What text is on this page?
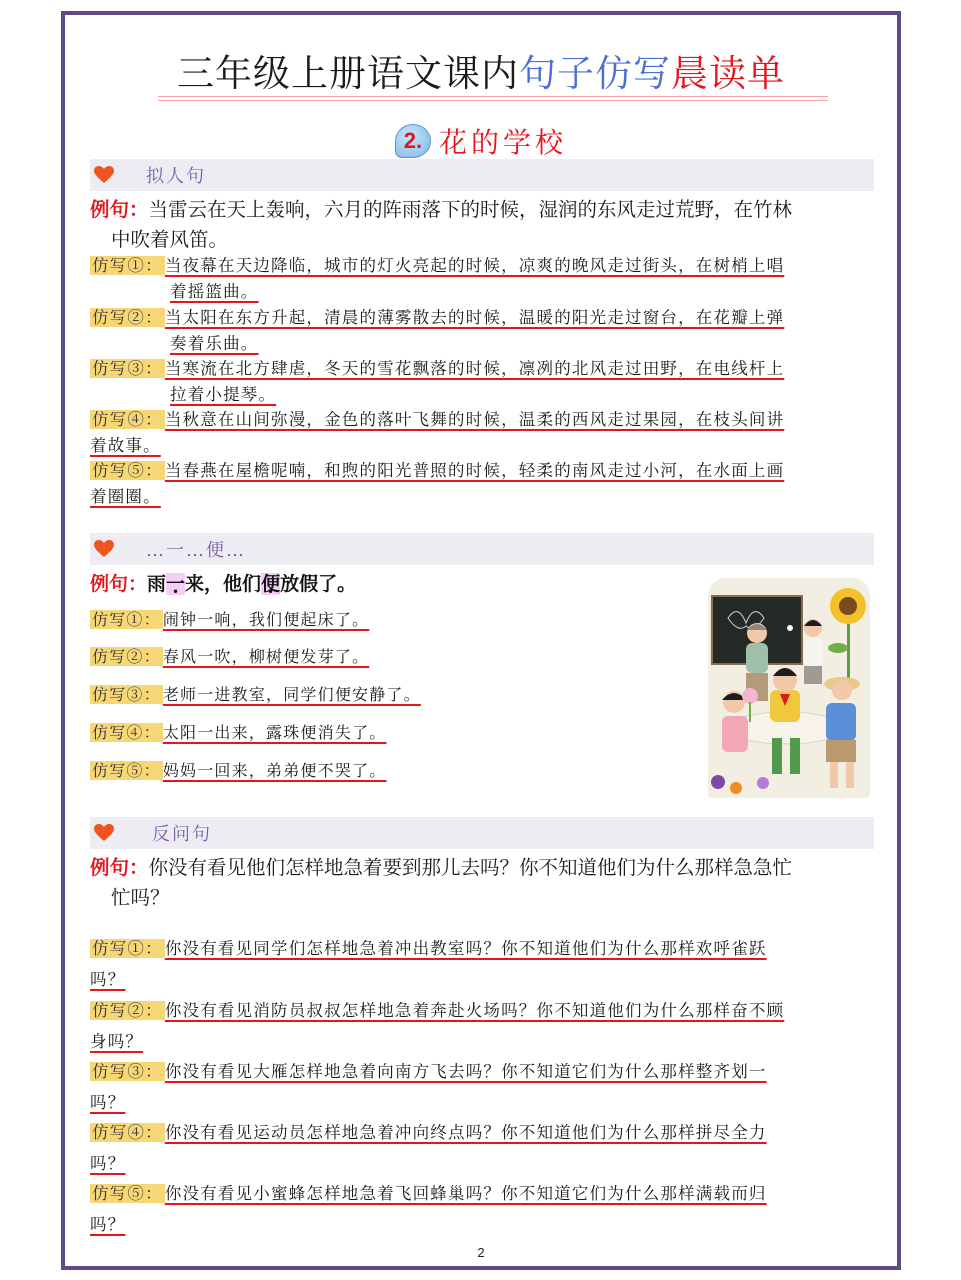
三年级上册语文课内句子仿写晨读单
2. 花的学校
拟人句
例句：当雷云在天上轰响，六月的阵雨落下的时候，湿润的东风走过荒野，在竹林
中吹着风笛。
仿写①： 当夜幕在天边降临，城市的灯火亮起的时候，凉爽的晚风走过街头，在树梢上唱
着摇篮曲。
仿写②： 当太阳在东方升起，清晨的薄雾散去的时候，温暖的阳光走过窗台，在花瓣上弹
奏着乐曲。
仿写③： 当寒流在北方肆虐，冬天的雪花飘落的时候，凛冽的北风走过田野，在电线杆上
拉着小提琴。
仿写④： 当秋意在山间弥漫，金色的落叶飞舞的时候，温柔的西风走过果园，在枝头间讲
着故事。
仿写⑤： 当春燕在屋檐呢喃，和煦的阳光普照的时候，轻柔的南风走过小河，在水面上画
着圈圈。
…一…便…
例句：雨一来，他们便放假了。
仿写①： 闹钟一响，我们便起床了。
仿写②： 春风一吹，柳树便发芽了。
仿写③： 老师一进教室，同学们便安静了。
仿写④： 太阳一出来，露珠便消失了。
仿写⑤： 妈妈一回来，弟弟便不哭了。
反问句
例句：你没有看见他们怎样地急着要到那儿去吗？你不知道他们为什么那样急急忙
忙吗？
仿写①： 你没有看见同学们怎样地急着冲出教室吗？你不知道他们为什么那样欢呼雀跃
吗？
仿写②： 你没有看见消防员叔叔怎样地急着奔赴火场吗？你不知道他们为什么那样奋不顾
身吗？
仿写③： 你没有看见大雁怎样地急着向南方飞去吗？你不知道它们为什么那样整齐划一
吗？
仿写④： 你没有看见运动员怎样地急着冲向终点吗？你不知道他们为什么那样拼尽全力
吗？
仿写⑤： 你没有看见小蜜蜂怎样地急着飞回蜂巢吗？你不知道它们为什么那样满载而归
吗？
2
